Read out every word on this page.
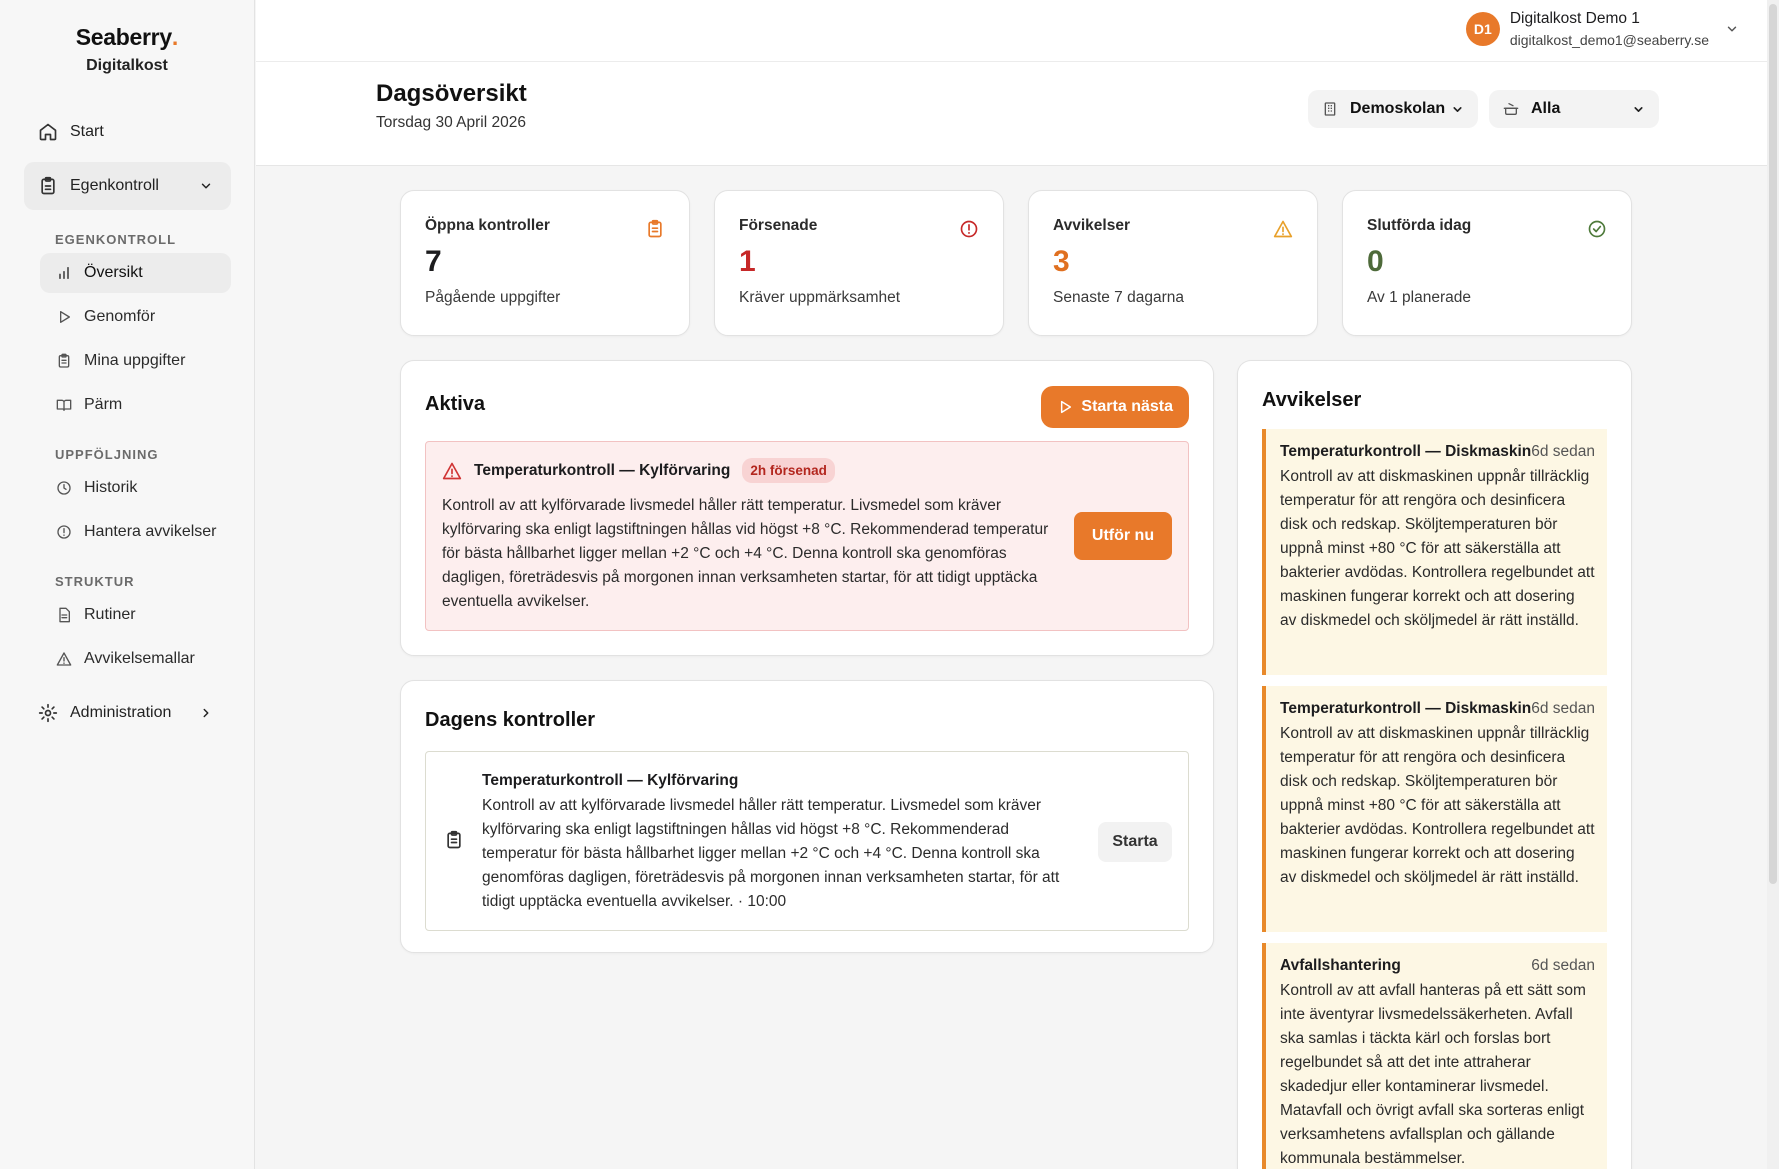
Seaberry.
Digitalkost
Start
Egenkontroll
EGENKONTROLL
Översikt
Genomför
Mina uppgifter
Pärm
UPPFÖLJNING
Historik
Hantera avvikelser
STRUKTUR
Rutiner
Avvikelsemallar
Administration
D1
Digitalkost Demo 1
digitalkost_demo1@seaberry.se
Dagsöversikt
Torsdag 30 April 2026
Demoskolan	Alla
Öppna kontroller
7
Pågående uppgifter
Försenade
1
Kräver uppmärksamhet
Avvikelser
3
Senaste 7 dagarna
Slutförda idag
0
Av 1 planerade
Aktiva	Starta nästa
Temperaturkontroll — Kylförvaring	2h försenad

Kontroll av att kylförvarade livsmedel håller rätt temperatur. Livsmedel som kräver kylförvaring ska enligt lagstiftningen hållas vid högst +8 °C. Rekommenderad temperatur för bästa hållbarhet ligger mellan +2 °C och +4 °C. Denna kontroll ska genomföras dagligen, företrädesvis på morgonen innan verksamheten startar, för att tidigt upptäcka eventuella avvikelser.

Utför nu
Dagens kontroller
Temperaturkontroll — Kylförvaring

Kontroll av att kylförvarade livsmedel håller rätt temperatur. Livsmedel som kräver kylförvaring ska enligt lagstiftningen hållas vid högst +8 °C. Rekommenderad temperatur för bästa hållbarhet ligger mellan +2 °C och +4 °C. Denna kontroll ska genomföras dagligen, företrädesvis på morgonen innan verksamheten startar, för att tidigt upptäcka eventuella avvikelser. · 10:00

Starta
Avvikelser
Temperaturkontroll — Diskmaskin 6d sedan

Kontroll av att diskmaskinen uppnår tillräcklig temperatur för att rengöra och desinficera disk och redskap. Sköljtemperaturen bör uppnå minst +80 °C för att säkerställa att bakterier avdödas. Kontrollera regelbundet att maskinen fungerar korrekt och att dosering av diskmedel och sköljmedel är rätt inställd.

Temperaturkontroll — Diskmaskin 6d sedan

Kontroll av att diskmaskinen uppnår tillräcklig temperatur för att rengöra och desinficera disk och redskap. Sköljtemperaturen bör uppnå minst +80 °C för att säkerställa att bakterier avdödas. Kontrollera regelbundet att maskinen fungerar korrekt och att dosering av diskmedel och sköljmedel är rätt inställd.

Avfallshantering	6d sedan

Kontroll av att avfall hanteras på ett sätt som inte äventyrar livsmedelssäkerheten. Avfall ska samlas i täckta kärl och forslas bort regelbundet så att det inte attraherar skadedjur eller kontaminerar livsmedel. Matavfall och övrigt avfall ska sorteras enligt verksamhetens avfallsplan och gällande kommunala bestämmelser.
